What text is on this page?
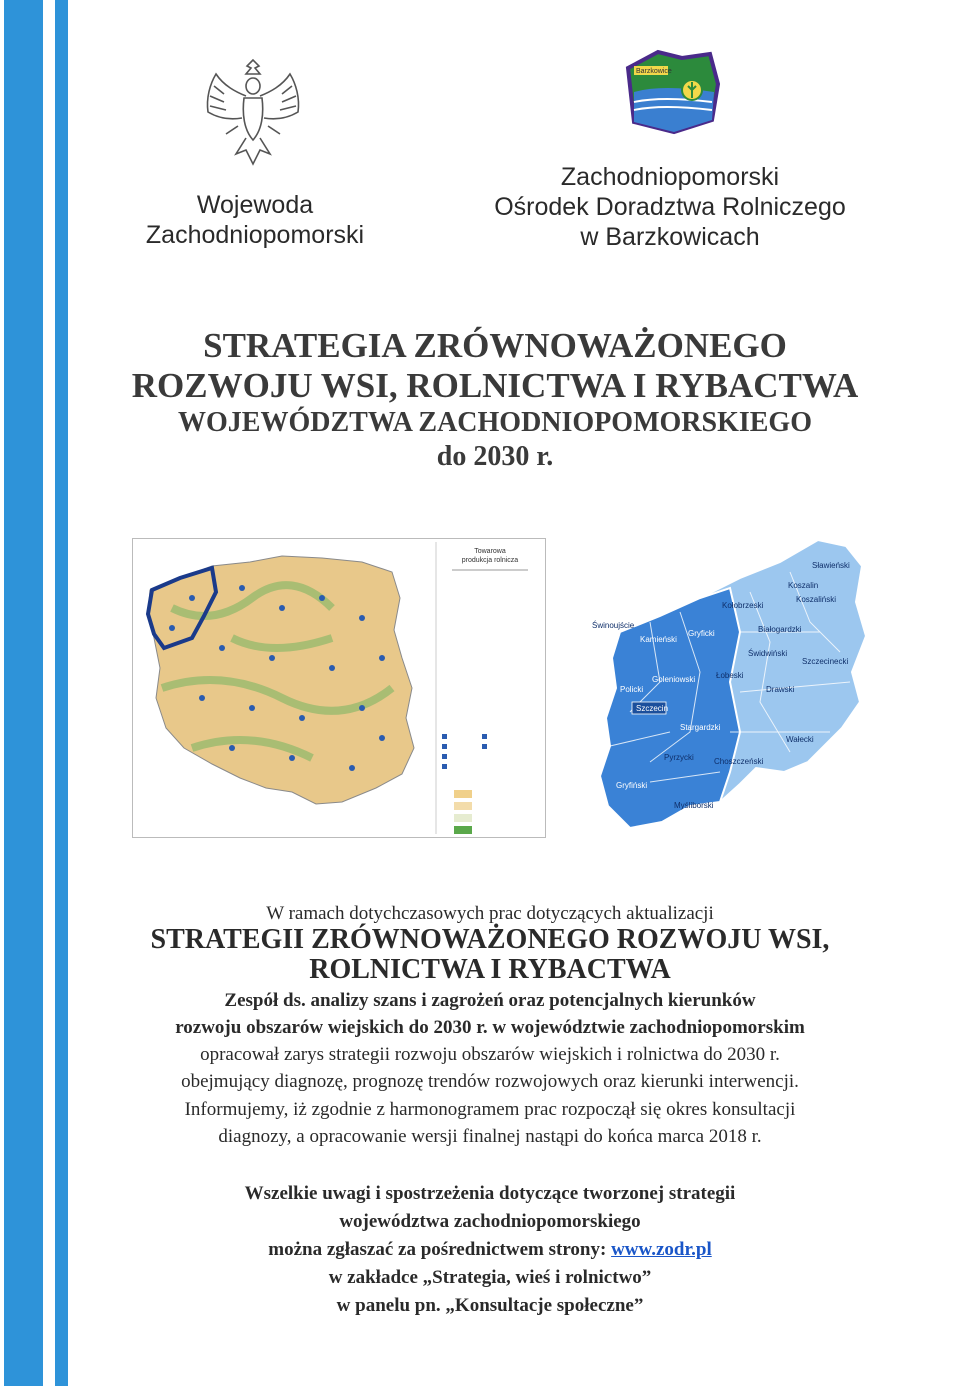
Barzkowice
Wojewoda
Zachodniopomorski
Zachodniopomorski
Ośrodek Doradztwa Rolniczego
w Barzkowicach
STRATEGIA ZRÓWNOWAŻONEGO
ROZWOJU WSI, ROLNICTWA I RYBACTWA
WOJEWÓDZTWA ZACHODNIOPOMORSKIEGO
do 2030 r.
Towarowa
produkcja rolnicza
Sławieński
Koszalin
Kołobrzeski
Koszaliński
Świnoujście
Kamieński
Gryficki	Białogardzki
Świdwiński
Szczecinecki
Goleniowski	Łobeski
Drawski
Policki
Szczecin
Stargardzki
Wałecki
Choszczeński
Pyrzycki
Gryfiński
Myśliborski
W ramach dotychczasowych prac dotyczących aktualizacji
STRATEGII ZRÓWNOWAŻONEGO ROZWOJU WSI,
ROLNICTWA I RYBACTWA
Zespół ds. analizy szans i zagrożeń oraz potencjalnych kierunków
rozwoju obszarów wiejskich do 2030 r. w województwie zachodniopomorskim
opracował zarys strategii rozwoju obszarów wiejskich i rolnictwa do 2030 r.
obejmujący diagnozę, prognozę trendów rozwojowych oraz kierunki interwencji.
Informujemy, iż zgodnie z harmonogramem prac rozpoczął się okres konsultacji
diagnozy, a opracowanie wersji finalnej nastąpi do końca marca 2018 r.
Wszelkie uwagi i spostrzeżenia dotyczące tworzonej strategii
województwa zachodniopomorskiego
można zgłaszać za pośrednictwem strony: www.zodr.pl
w zakładce „Strategia, wieś i rolnictwo”
w panelu pn. „Konsultacje społeczne”
